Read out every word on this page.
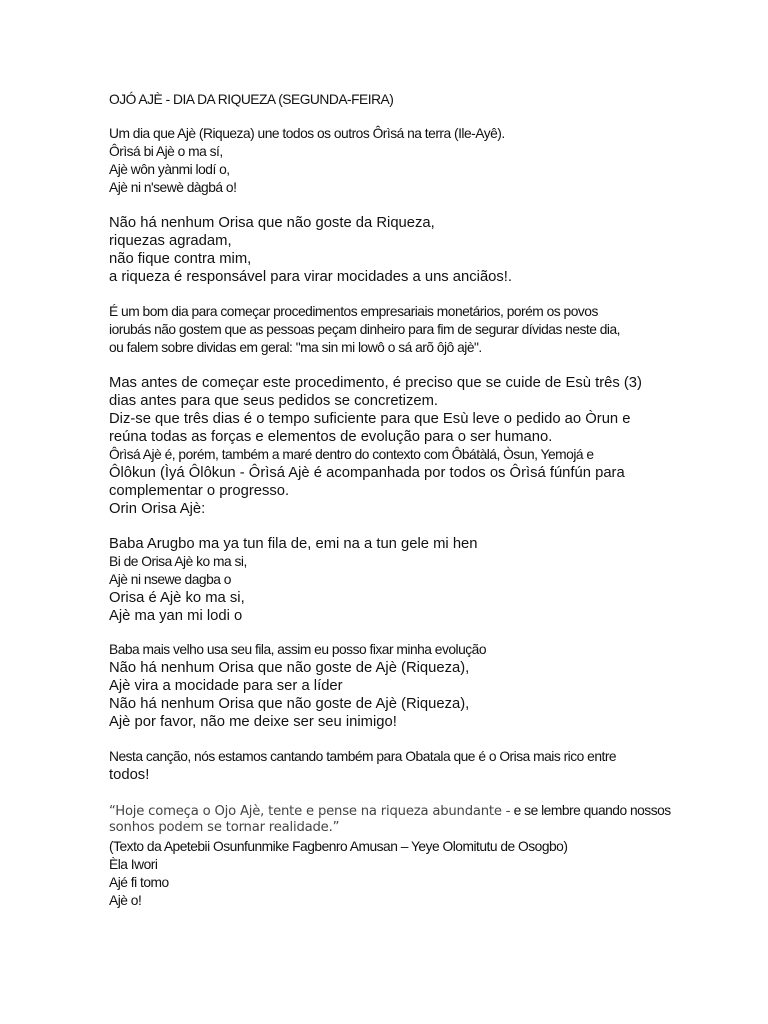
OJÓ AJÈ - DIA DA RIQUEZA (SEGUNDA-FEIRA)
Um dia que Ajè (Riqueza) une todos os outros Ôrìsá na terra (Ile-Ayê).
Ôrìsá bi Ajè o ma sí,
Ajè wôn yànmi lodí o,
Ajè ni n'sewè dàgbá o!
Não há nenhum Orisa que não goste da Riqueza,
riquezas agradam,
não fique contra mim,
a riqueza é responsável para virar mocidades a uns anciãos!.
É um bom dia para começar procedimentos empresariais monetários, porém os povos
iorubás não gostem que as pessoas peçam dinheiro para fim de segurar dívidas neste dia,
ou falem sobre dividas em geral: "ma sin mi lowô o sá arõ ôjô ajè".
Mas antes de começar este procedimento, é preciso que se cuide de Esù três (3)
dias antes para que seus pedidos se concretizem.
Diz-se que três dias é o tempo suficiente para que Esù leve o pedido ao Òrun e
reúna todas as forças e elementos de evolução para o ser humano.
Ôrìsá Ajè é, porém, também a maré dentro do contexto com Ôbátàlá, Òsun, Yemojá e
Ôlôkun (Ìyá Ôlôkun - Ôrìsá Ajè é acompanhada por todos os Ôrìsá fúnfún para
complementar o progresso.
Orin Orisa Ajè:
Baba Arugbo ma ya tun fila de, emi na a tun gele mi hen
Bi de Orisa Ajè ko ma si,
Ajè ni nsewe dagba o
Orisa é Ajè ko ma si,
Ajè ma yan mi lodi o
Baba mais velho usa seu fila, assim eu posso fixar minha evolução
Não há nenhum Orisa que não goste de Ajè (Riqueza),
Ajè vira a mocidade para ser a líder
Não há nenhum Orisa que não goste de Ajè (Riqueza),
Ajè por favor, não me deixe ser seu inimigo!
Nesta canção, nós estamos cantando também para Obatala que é o Orisa mais rico entre
todos!
“Hoje começa o Ojo Ajè, tente e pense na riqueza abundante - e se lembre quando nossos
sonhos podem se tornar realidade.”
(Texto da Apetebii Osunfunmike Fagbenro Amusan – Yeye Olomitutu de Osogbo)
Èla Iwori
Ajé fi tomo
Ajè o!
